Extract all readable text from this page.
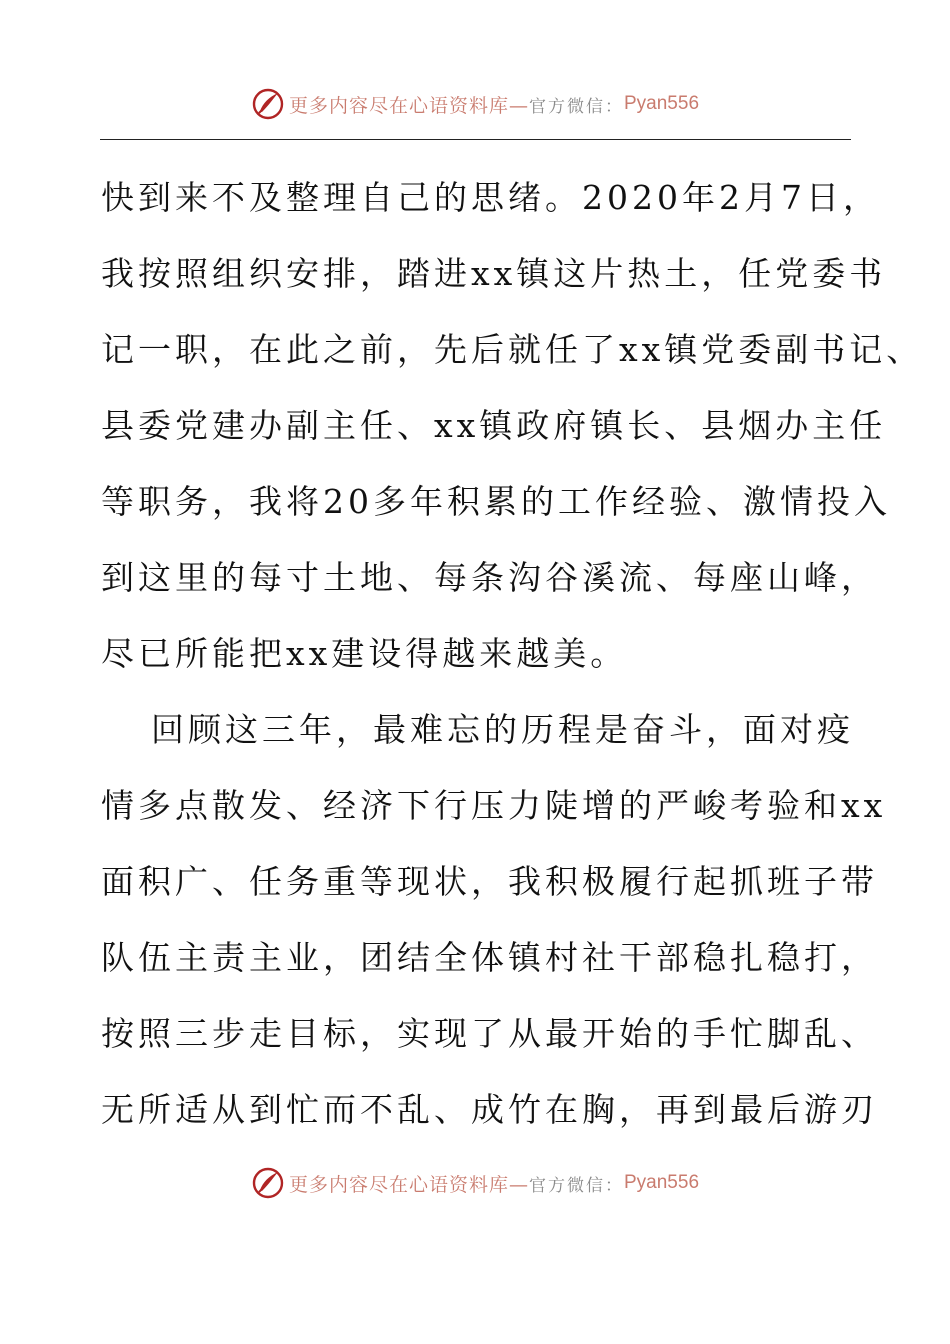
更多内容尽在心语资料库— 官方微信： Pyan556
快到来不及整理自己的思绪。2020年2月7日，
我按照组织安排，踏进xx镇这片热土，任党委书
记一职，在此之前，先后就任了xx镇党委副书记、
县委党建办副主任、xx镇政府镇长、县烟办主任
等职务，我将20多年积累的工作经验、激情投入
到这里的每寸土地、每条沟谷溪流、每座山峰，
尽已所能把xx建设得越来越美。
回顾这三年，最难忘的历程是奋斗，面对疫
情多点散发、经济下行压力陡增的严峻考验和xx
面积广、任务重等现状，我积极履行起抓班子带
队伍主责主业，团结全体镇村社干部稳扎稳打，
按照三步走目标，实现了从最开始的手忙脚乱、
无所适从到忙而不乱、成竹在胸，再到最后游刃
更多内容尽在心语资料库— 官方微信： Pyan556
